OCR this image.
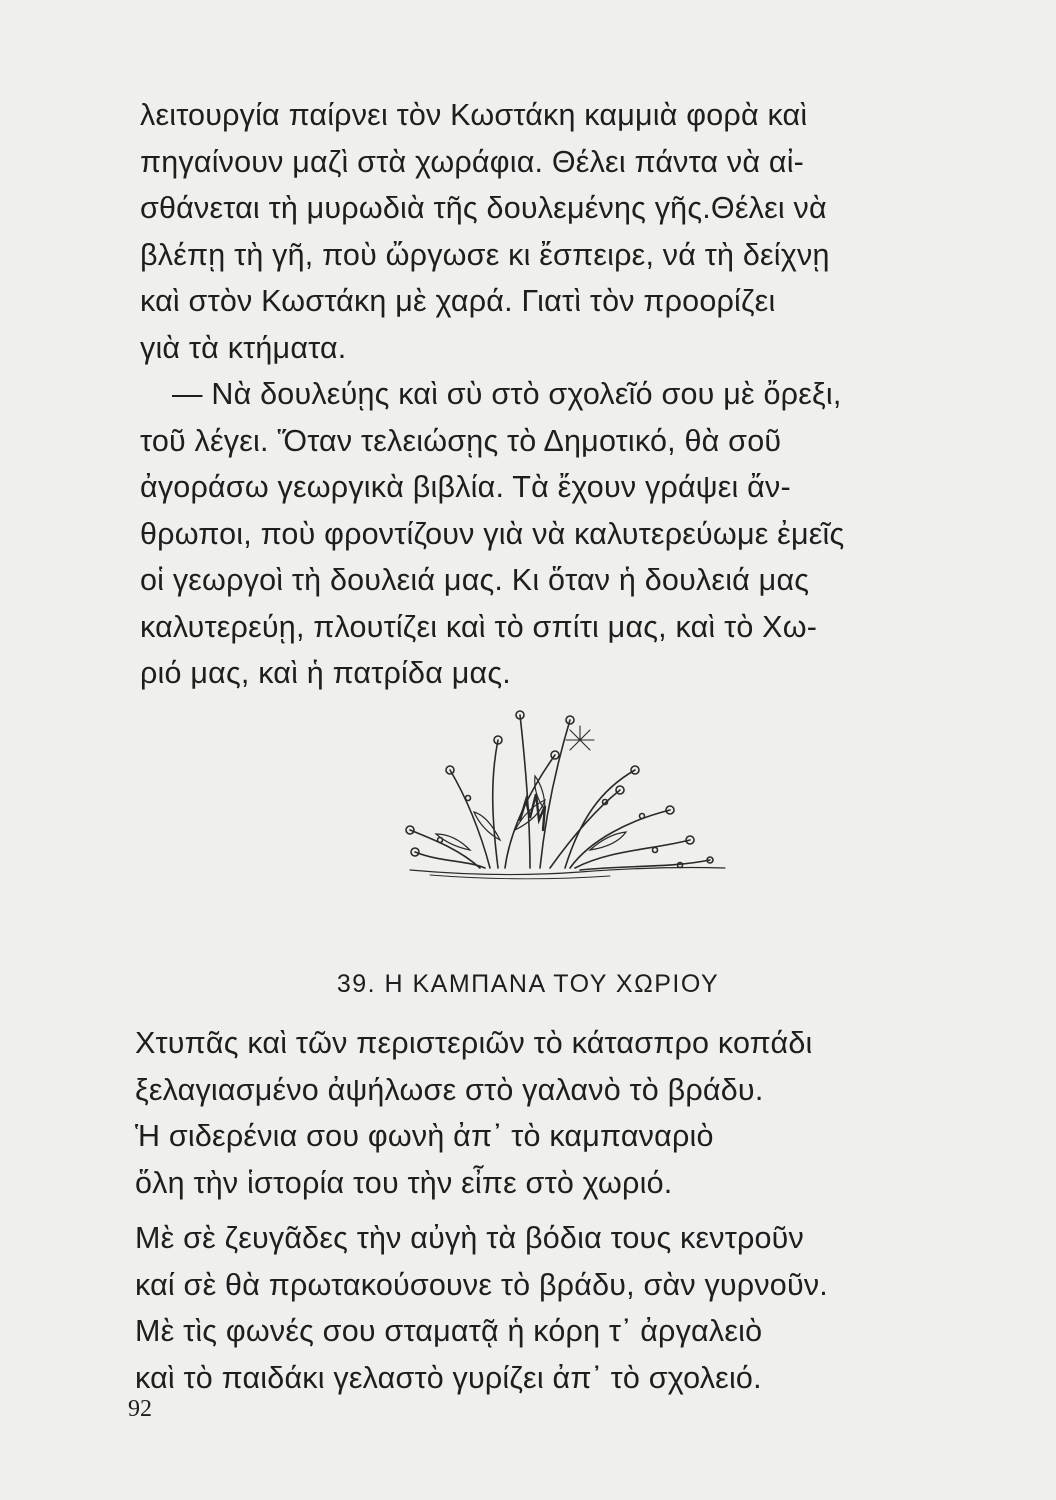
λειτουργία παίρνει τὸν Κωστάκη καμμιὰ φορὰ καὶ
πηγαίνουν μαζὶ στὰ χωράφια. Θέλει πάντα νὰ αἰ-
σθάνεται τὴ μυρωδιὰ τῆς δουλεμένης γῆς.Θέλει νὰ
βλέπῃ τὴ γῆ, ποὺ ὤργωσε κι ἔσπειρε, νά τὴ δείχνῃ
καὶ στὸν Κωστάκη μὲ χαρά. Γιατὶ τὸν προορίζει
γιὰ τὰ κτήματα.
— Νὰ δουλεύῃς καὶ σὺ στὸ σχολεῖό σου μὲ ὄρεξι,
τοῦ λέγει. Ὅταν τελειώσῃς τὸ Δημοτικό, θὰ σοῦ
ἀγοράσω γεωργικὰ βιβλία. Τὰ ἔχουν γράψει ἄν-
θρωποι, ποὺ φροντίζουν γιὰ νὰ καλυτερεύωμε ἐμεῖς
οἱ γεωργοὶ τὴ δουλειά μας. Κι ὅταν ἡ δουλειά μας
καλυτερεύῃ, πλουτίζει καὶ τὸ σπίτι μας, καὶ τὸ Χω-
ριό μας, καὶ ἡ πατρίδα μας.
39. Η ΚΑΜΠΑΝΑ ΤΟΥ ΧΩΡΙΟΥ
Χτυπᾶς καὶ τῶν περιστεριῶν τὸ κάτασπρο κοπάδι
ξελαγιασμένο ἀψήλωσε στὸ γαλανὸ τὸ βράδυ.
Ἡ σιδερένια σου φωνὴ ἀπ᾽ τὸ καμπαναριὸ
ὅλη τὴν ἱστορία του τὴν εἶπε στὸ χωριό.
Μὲ σὲ ζευγᾶδες τὴν αὐγὴ τὰ βόδια τους κεντροῦν
καί σὲ θὰ πρωτακούσουνε τὸ βράδυ, σὰν γυρνοῦν.
Μὲ τὶς φωνές σου σταματᾷ ἡ κόρη τ᾽ ἀργαλειὸ
καὶ τὸ παιδάκι γελαστὸ γυρίζει ἀπ᾽ τὸ σχολειό.
92
